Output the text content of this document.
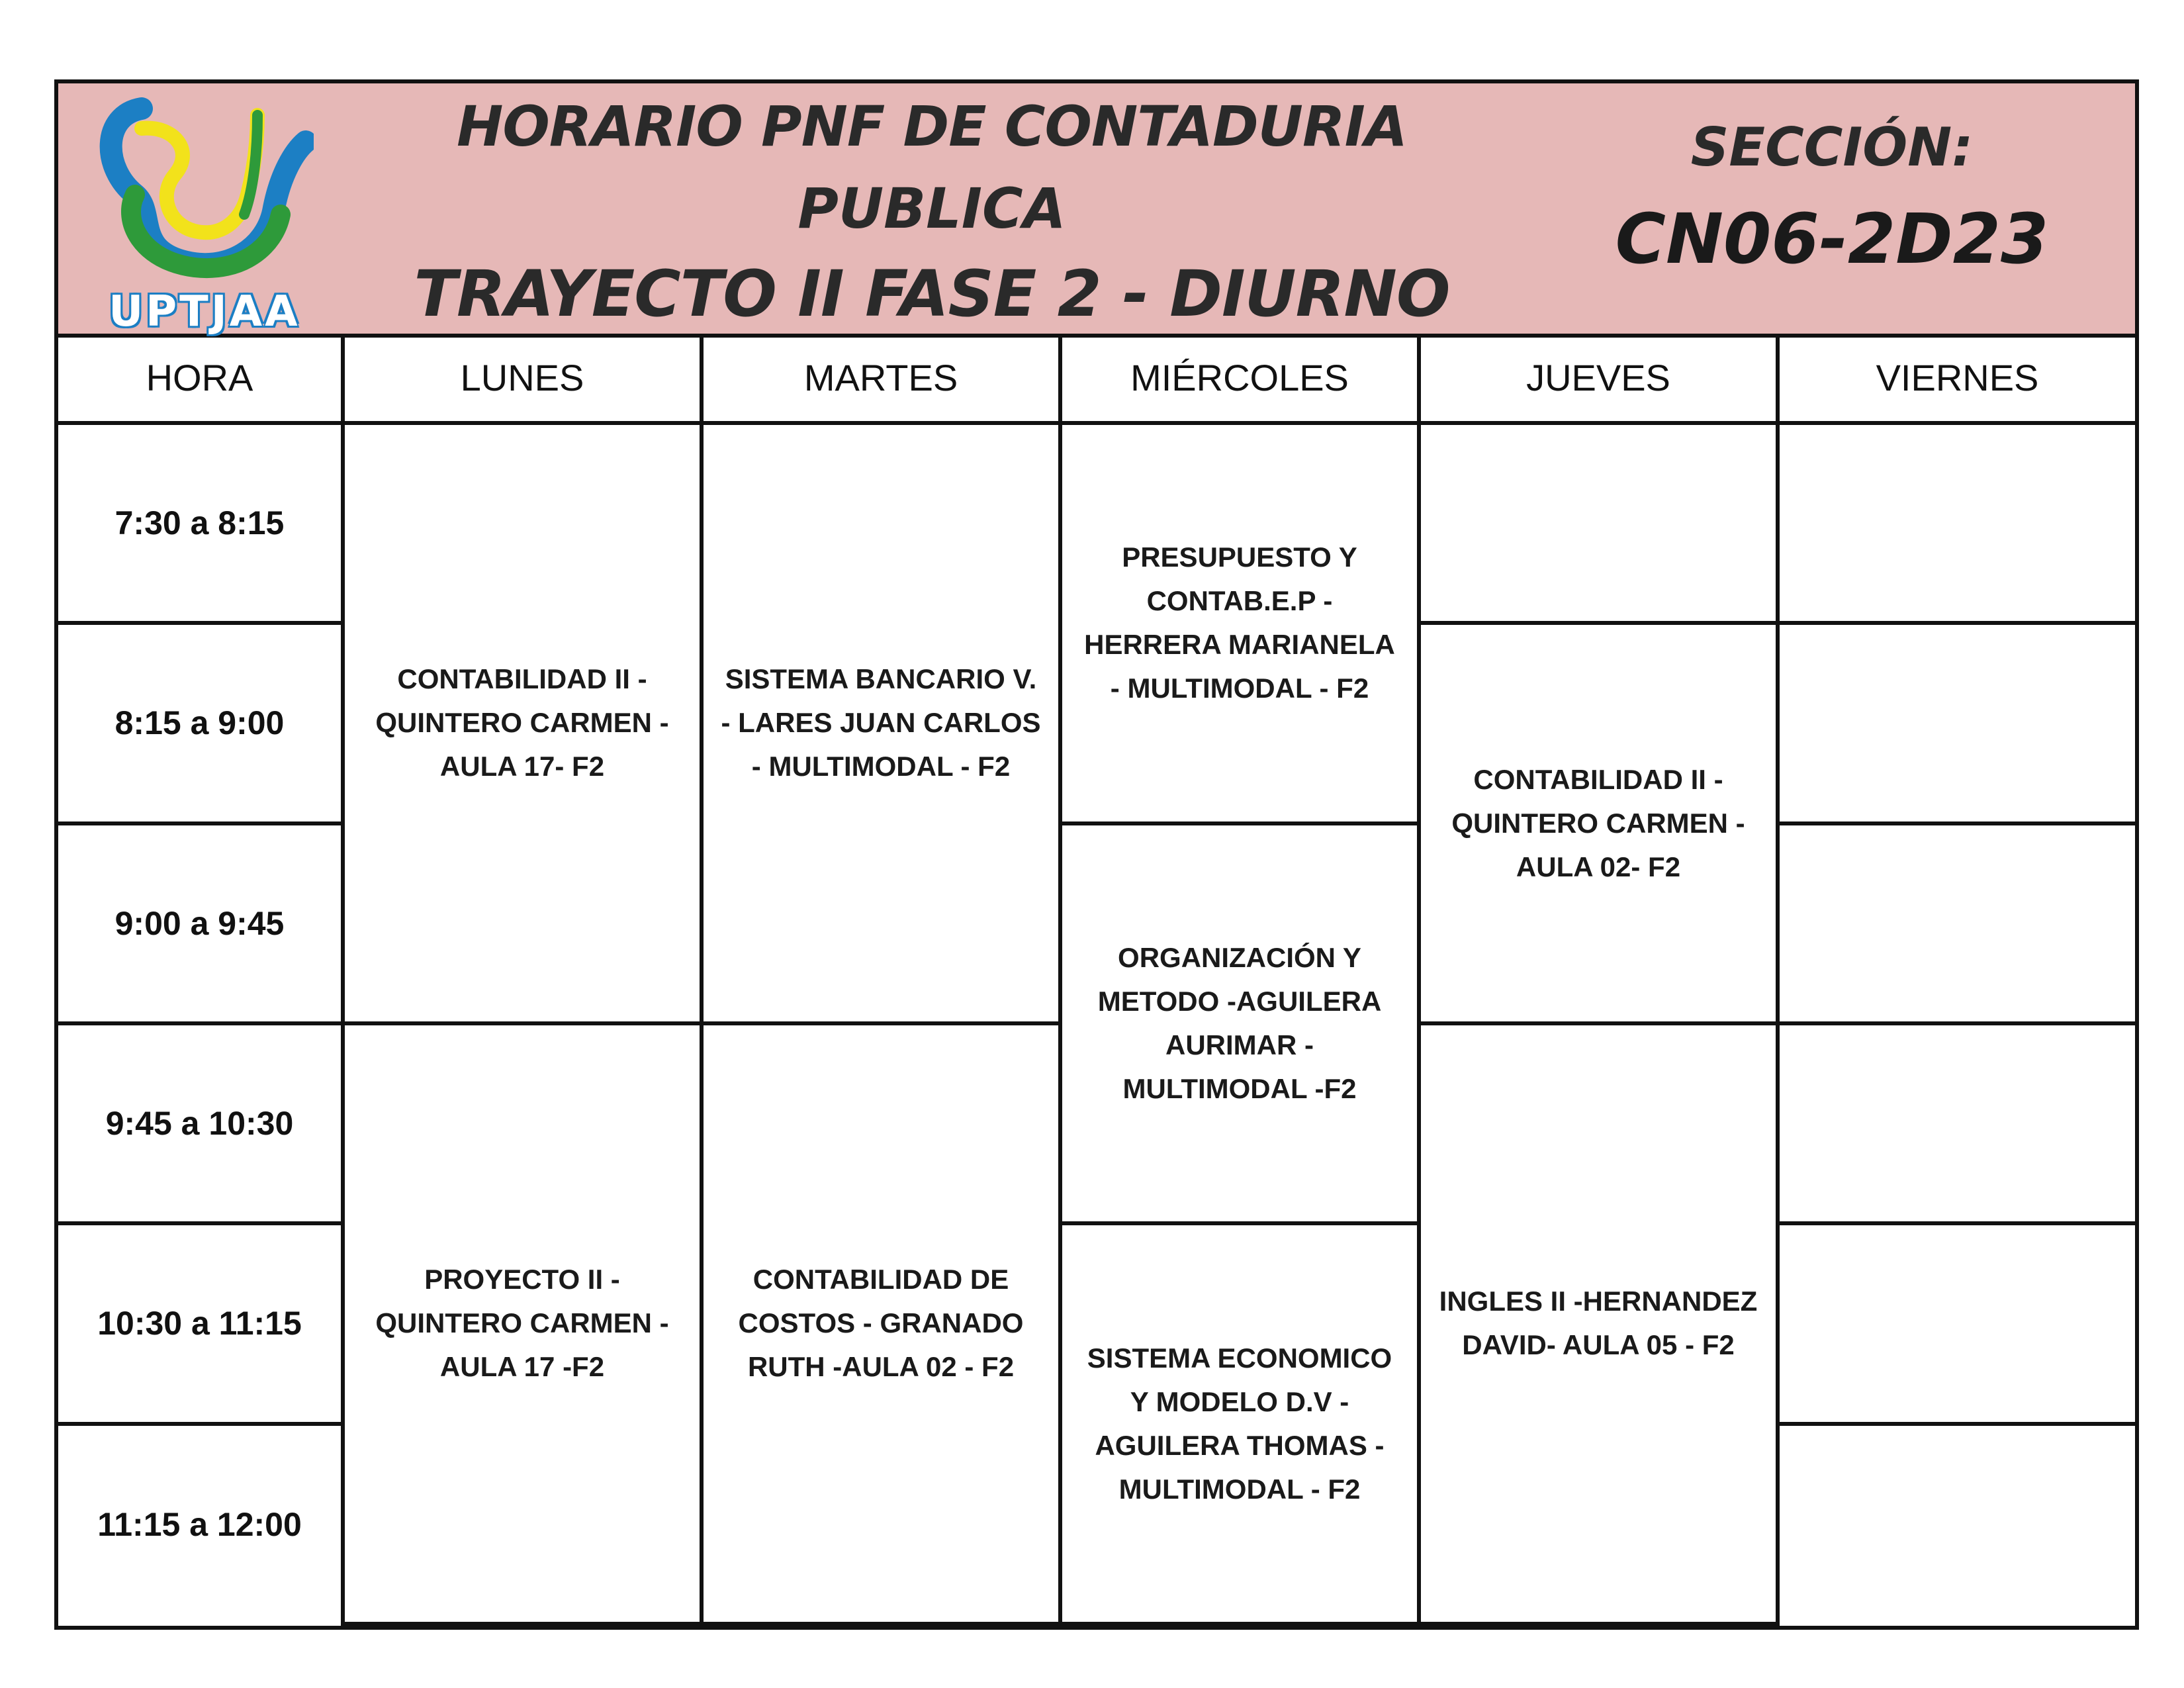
UPTJAA
HORARIO PNF DE CONTADURIA
PUBLICA
TRAYECTO II FASE 2 - DIURNO
SECCIÓN:
CN06-2D23
HORA	LUNES	MARTES	MIÉRCOLES	JUEVES	VIERNES
7:30 a 8:15	CONTABILIDAD II - QUINTERO CARMEN - AULA 17- F2	SISTEMA BANCARIO V. - LARES JUAN CARLOS - MULTIMODAL - F2	PRESUPUESTO Y CONTAB.E.P - HERRERA MARIANELA - MULTIMODAL - F2		
8:15 a 9:00				CONTABILIDAD II - QUINTERO CARMEN - AULA 02- F2	
9:00 a 9:45			ORGANIZACIÓN Y METODO -AGUILERA AURIMAR - MULTIMODAL -F2		
9:45 a 10:30	PROYECTO II - QUINTERO CARMEN - AULA 17 -F2	CONTABILIDAD DE COSTOS - GRANADO RUTH -AULA 02 - F2		INGLES II -HERNANDEZ DAVID- AULA 05 - F2	
10:30 a 11:15			SISTEMA ECONOMICO Y MODELO D.V - AGUILERA THOMAS - MULTIMODAL - F2		
11:15 a 12:00					
